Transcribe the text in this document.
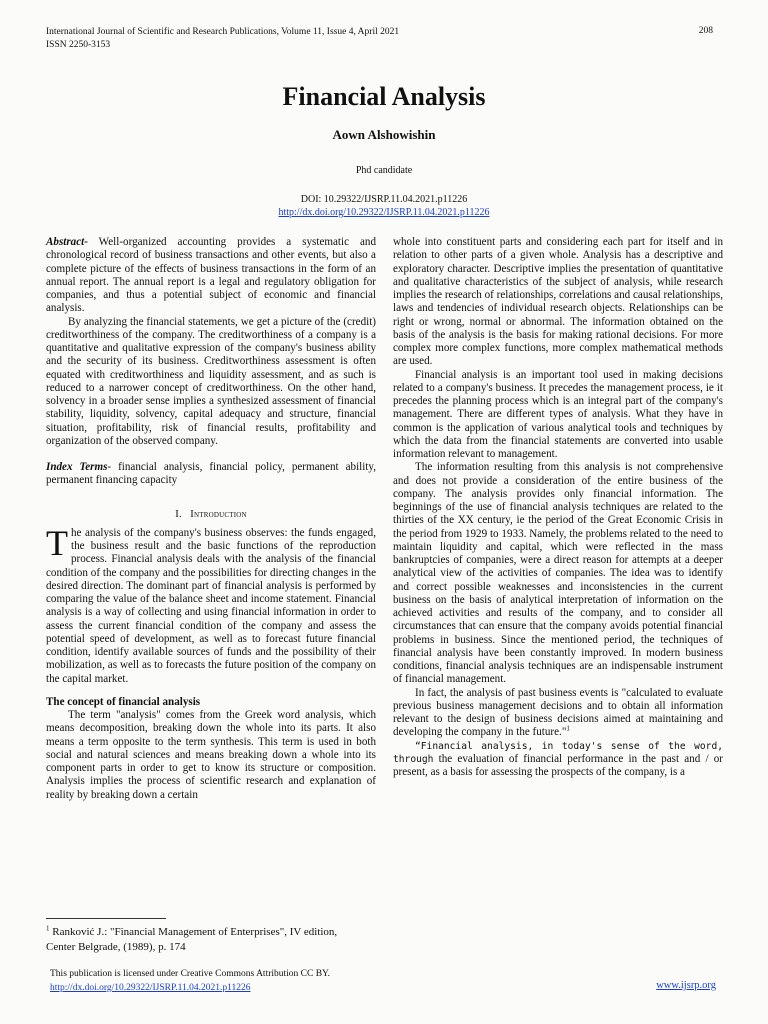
International Journal of Scientific and Research Publications, Volume 11, Issue 4, April 2021
ISSN 2250-3153
208
Financial Analysis
Aown Alshowishin
Phd candidate
DOI: 10.29322/IJSRP.11.04.2021.p11226
http://dx.doi.org/10.29322/IJSRP.11.04.2021.p11226

Abstract- Well-organized accounting provides a systematic and chronological record of business transactions and other events, but also a complete picture of the effects of business transactions in the form of an annual report. The annual report is a legal and regulatory obligation for companies, and thus a potential subject of economic and financial analysis.

By analyzing the financial statements, we get a picture of the (credit) creditworthiness of the company. The creditworthiness of a company is a quantitative and qualitative expression of the company's business ability and the security of its business. Creditworthiness assessment is often equated with creditworthiness and liquidity assessment, and as such is reduced to a narrower concept of creditworthiness. On the other hand, solvency in a broader sense implies a synthesized assessment of financial stability, liquidity, solvency, capital adequacy and structure, financial situation, profitability, risk of financial results, profitability and organization of the observed company.

Index Terms- financial analysis, financial policy, permanent ability, permanent financing capacity

I. Introduction

The analysis of the company's business observes: the funds engaged, the business result and the basic functions of the reproduction process. Financial analysis deals with the analysis of the financial condition of the company and the possibilities for directing changes in the desired direction. The dominant part of financial analysis is performed by comparing the value of the balance sheet and income statement. Financial analysis is a way of collecting and using financial information in order to assess the current financial condition of the company and assess the potential speed of development, as well as to forecast future financial condition, identify available sources of funds and the possibility of their mobilization, as well as to forecasts the future position of the company on the capital market.

The concept of financial analysis

The term "analysis" comes from the Greek word analysis, which means decomposition, breaking down the whole into its parts. It also means a term opposite to the term synthesis. This term is used in both social and natural sciences and means breaking down a whole into its component parts in order to get to know its structure or composition. Analysis implies the process of scientific research and explanation of reality by breaking down a certain

whole into constituent parts and considering each part for itself and in relation to other parts of a given whole. Analysis has a descriptive and exploratory character. Descriptive implies the presentation of quantitative and qualitative characteristics of the subject of analysis, while research implies the research of relationships, correlations and causal relationships, laws and tendencies of individual research objects. Relationships can be right or wrong, normal or abnormal. The information obtained on the basis of the analysis is the basis for making rational decisions. For more complex more complex functions, more complex mathematical methods are used.

Financial analysis is an important tool used in making decisions related to a company's business. It precedes the management process, ie it precedes the planning process which is an integral part of the company's management. There are different types of analysis. What they have in common is the application of various analytical tools and techniques by which the data from the financial statements are converted into usable information relevant to management.

The information resulting from this analysis is not comprehensive and does not provide a consideration of the entire business of the company. The analysis provides only financial information. The beginnings of the use of financial analysis techniques are related to the thirties of the XX century, ie the period of the Great Economic Crisis in the period from 1929 to 1933. Namely, the problems related to the need to maintain liquidity and capital, which were reflected in the mass bankruptcies of companies, were a direct reason for attempts at a deeper analytical view of the activities of companies. The idea was to identify and correct possible weaknesses and inconsistencies in the current business on the basis of analytical interpretation of information on the achieved activities and results of the company, and to consider all circumstances that can ensure that the company avoids potential financial problems in business. Since the mentioned period, the techniques of financial analysis have been constantly improved. In modern business conditions, financial analysis techniques are an indispensable instrument of financial management.

In fact, the analysis of past business events is "calculated to evaluate previous business management decisions and to obtain all information relevant to the design of business decisions aimed at maintaining and developing the company in the future."$^1$

“Financial analysis, in today's sense of the word, through the evaluation of financial performance in the past and / or present, as a basis for assessing the prospects of the company, is a

$^1$ Ranković J.: "Financial Management of Enterprises", IV edition, Center Belgrade, (1989), p. 174
This publication is licensed under Creative Commons Attribution CC BY.
http://dx.doi.org/10.29322/IJSRP.11.04.2021.p11226	www.ijsrp.org
